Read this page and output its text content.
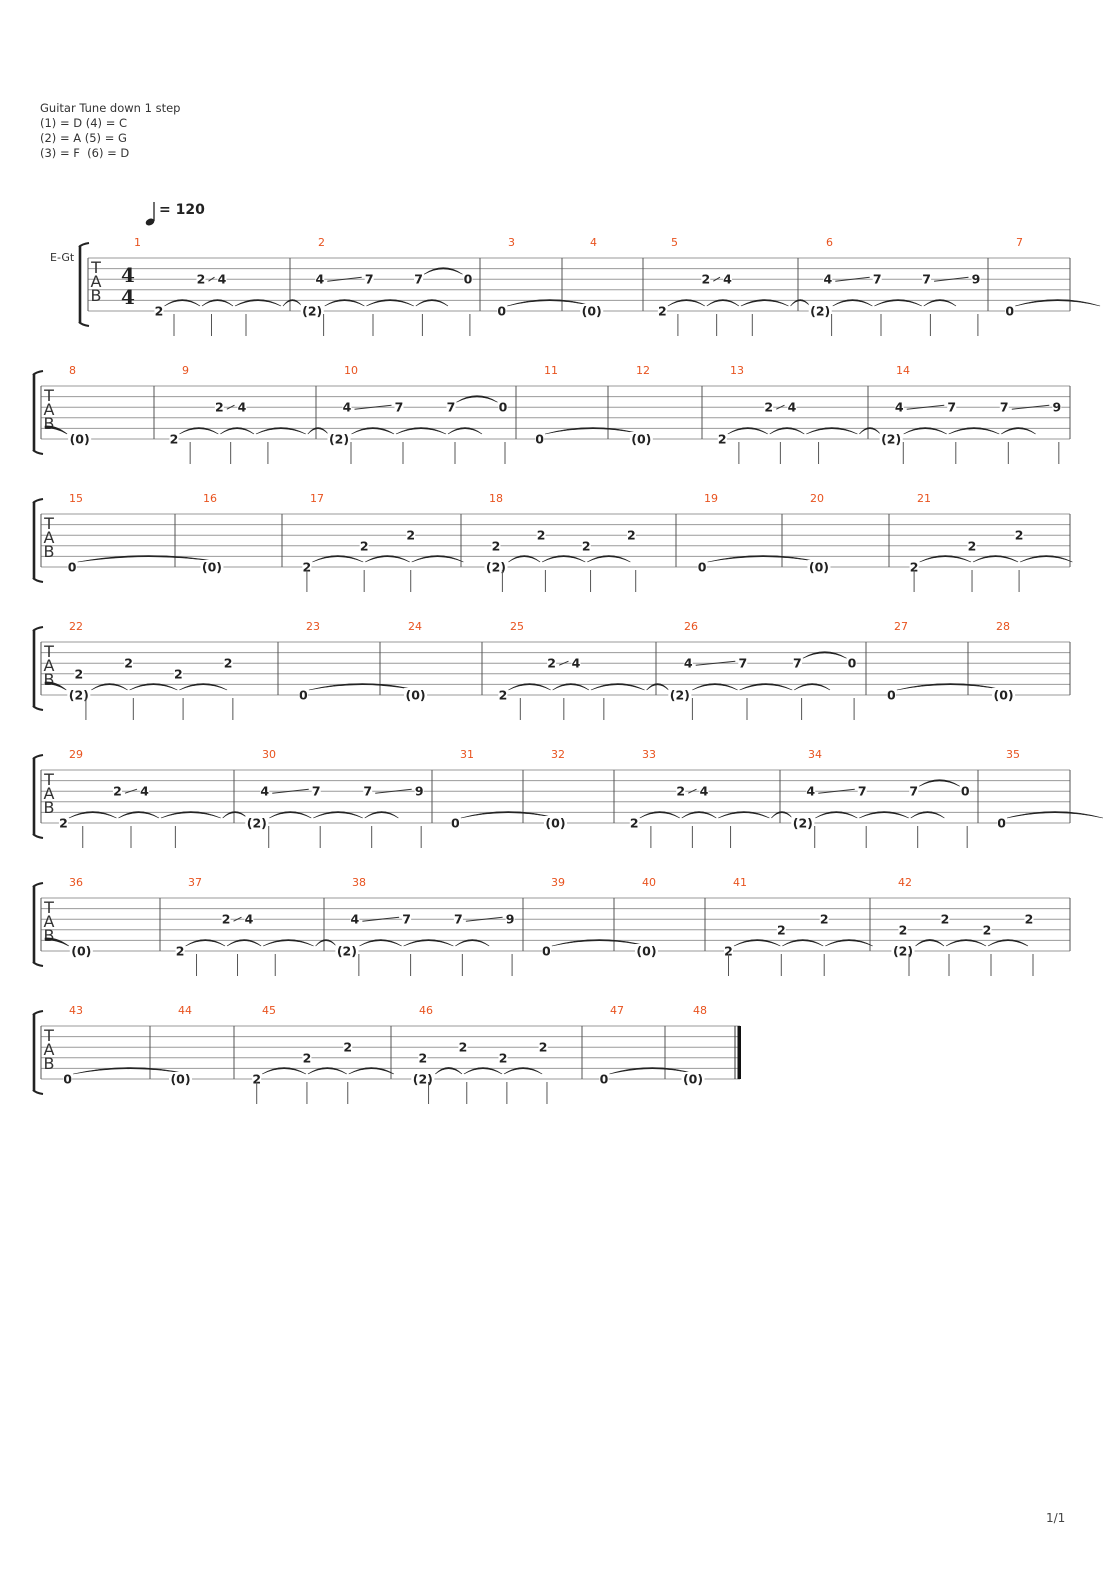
Guitar Tune down 1 step
(1) = D (4) = C
(2) = A (5) = G
(3) = F  (6) = D
= 120
T
A
B
E-Gt
1
4
4
2
2 4
2
(2)
4	7	7	0
3
0
4
(0)
5
2
2 4
6
(2)
4	7	7	9
7
0
T
A
B
8
(0)
9
2
2 4
10
(2)
4	7	7	0
11
0
12
(0)
13
2
2 4
14
(2)
4	7	7	9
T
A
B
15
0
16
(0)
17
2
2
2
18
(2)
2
2
2
2
19
0
20
(0)
21
2
2
2
T
A
B
22
(2)
2
2
2
2
23
0
24
(0)
25
2
2 4
26
(2)
4	7	7	0
27
0
28
(0)
T
A
B
29
2
2 4
30
(2)
4	7	7	9
31
0
32
(0)
33
2
2 4
34
(2)
4	7	7	0
35
0
T
A
B
36
(0)
37
2
2 4
38
(2)
4	7	7	9
39
0
40
(0)
41
2
2
2
42
(2)
2
2
2
2
T
A
B
43
0
44
(0)
45
2
2
2
46
(2)
2
2
2
2
47
0
48
(0)
1/1
